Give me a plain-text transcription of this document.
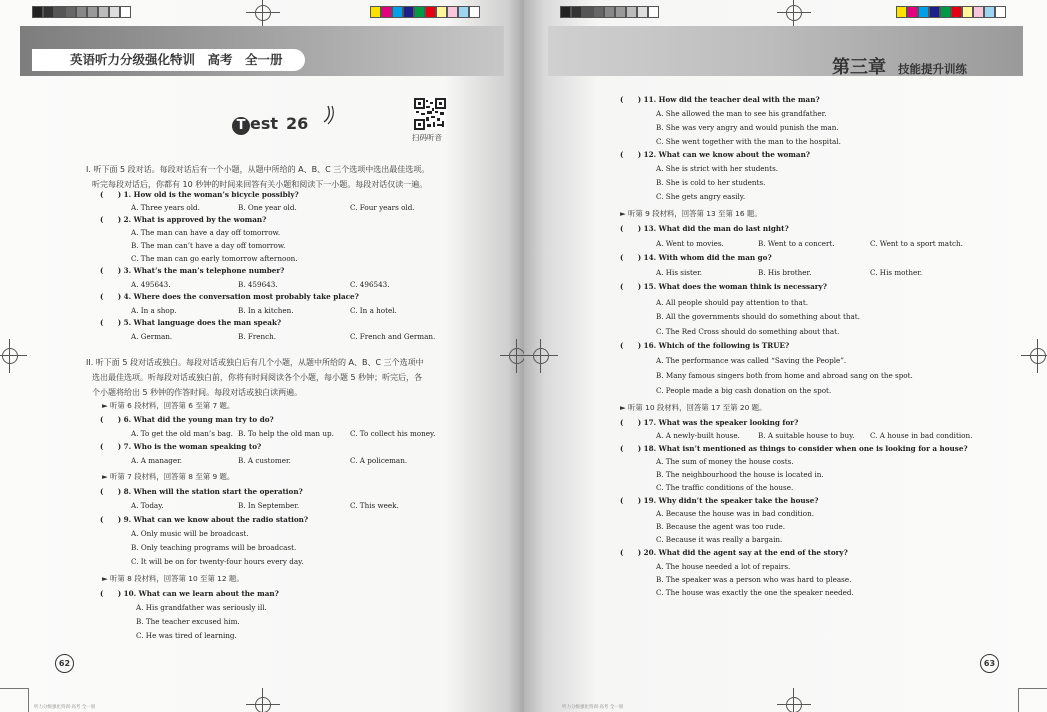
英语听力分级强化特训　高考　全一册
T est 26
扫码听音
I. 听下面 5 段对话。每段对话后有一个小题，从题中所给的 A、B、C 三个选项中选出最佳选项。
听完每段对话后，你都有 10 秒钟的时间来回答有关小题和阅读下一小题。每段对话仅读一遍。
II. 听下面 5 段对话或独白。每段对话或独白后有几个小题，从题中所给的 A、B、C 三个选项中
选出最佳选项。听每段对话或独白前，你将有时间阅读各个小题，每小题 5 秒钟；听完后，各
个小题将给出 5 秒钟的作答时间。每段对话或独白读两遍。
(　　) 1. How old is the woman’s bicycle possibly?
A. Three years old.	B. One year old.	C. Four years old.
(　　) 2. What is approved by the woman?
A. The man can have a day off tomorrow.
B. The man can’t have a day off tomorrow.
C. The man can go early tomorrow afternoon.
(　　) 3. What’s the man’s telephone number?
A. 495643.	B. 459643.	C. 496543.
(　　) 4. Where does the conversation most probably take place?
A. In a shop.	B. In a kitchen.	C. In a hotel.
(　　) 5. What language does the man speak?
A. German.	B. French.	C. French and German.
► 听第 6 段材料，回答第 6 至第 7 题。
(　　) 6. What did the young man try to do?
A. To get the old man’s bag. B. To help the old man up. C. To collect his money.
(　　) 7. Who is the woman speaking to?
A. A manager.	B. A customer.	C. A policeman.
► 听第 7 段材料，回答第 8 至第 9 题。
(　　) 8. When will the station start the operation?
A. Today.	B. In September.	C. This week.
(　　) 9. What can we know about the radio station?
A. Only music will be broadcast.
B. Only teaching programs will be broadcast.
C. It will be on for twenty-four hours every day.
► 听第 8 段材料，回答第 10 至第 12 题。
(　　) 10. What can we learn about the man?
A. His grandfather was seriously ill.
B. The teacher excused him.
C. He was tired of learning.
62
听力分级强化特训·高考 全一册
第三章 技能提升训练
(　　) 11. How did the teacher deal with the man?
A. She allowed the man to see his grandfather.
B. She was very angry and would punish the man.
C. She went together with the man to the hospital.
(　　) 12. What can we know about the woman?
A. She is strict with her students.
B. She is cold to her students.
C. She gets angry easily.
► 听第 9 段材料，回答第 13 至第 16 题。
(　　) 13. What did the man do last night?
A. Went to movies.	B. Went to a concert.	C. Went to a sport match.
(　　) 14. With whom did the man go?
A. His sister.	B. His brother.	C. His mother.
(　　) 15. What does the woman think is necessary?
A. All people should pay attention to that.
B. All the governments should do something about that.
C. The Red Cross should do something about that.
(　　) 16. Which of the following is TRUE?
A. The performance was called “Saving the People”.
B. Many famous singers both from home and abroad sang on the spot.
C. People made a big cash donation on the spot.
► 听第 10 段材料，回答第 17 至第 20 题。
(　　) 17. What was the speaker looking for?
A. A newly-built house.	B. A suitable house to buy. C. A house in bad condition.
(　　) 18. What isn’t mentioned as things to consider when one is looking for a house?
A. The sum of money the house costs.
B. The neighbourhood the house is located in.
C. The traffic conditions of the house.
(　　) 19. Why didn’t the speaker take the house?
A. Because the house was in bad condition.
B. Because the agent was too rude.
C. Because it was really a bargain.
(　　) 20. What did the agent say at the end of the story?
A. The house needed a lot of repairs.
B. The speaker was a person who was hard to please.
C. The house was exactly the one the speaker needed.
63
听力分级强化特训·高考 全一册
